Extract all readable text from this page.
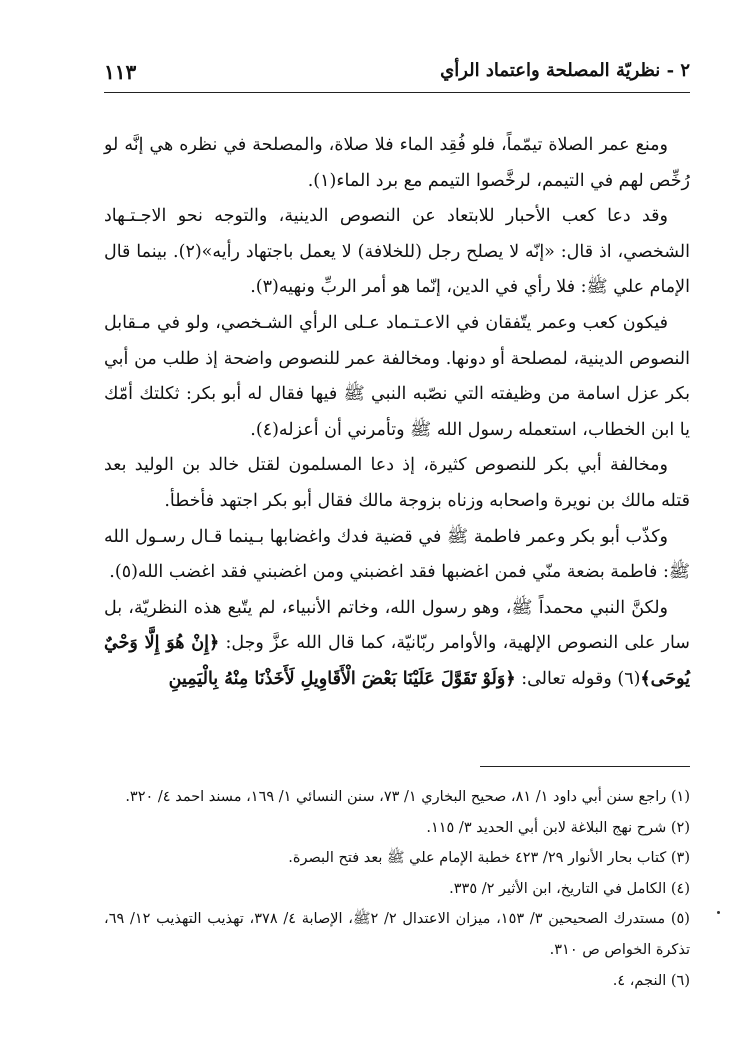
٢ - نظريّة المصلحة واعتماد الرأي
١١٣

ومنع عمر الصلاة تيمّماً، فلو فُقِد الماء فلا صلاة، والمصلحة في نظره هي إنَّه لو رُخِّص لهم في التيمم، لرخَّصوا التيمم مع برد الماء(١).

وقد دعا كعب الأحبار للابتعاد عن النصوص الدينية، والتوجه نحو الاجـتـهاد الشخصي، اذ قال: «إنّه لا يصلح رجل (للخلافة) لا يعمل باجتهاد رأيه»(٢). بينما قال الإمام علي ﷺ: فلا رأي في الدين، إنّما هو أمر الربِّ ونهيه(٣).

فيكون كعب وعمر يتّفقان في الاعـتـماد عـلى الرأي الشـخصي، ولو في مـقابل النصوص الدينية، لمصلحة أو دونها. ومخالفة عمر للنصوص واضحة إذ طلب من أبي بكر عزل اسامة من وظيفته التي نصّبه النبي ﷺ فيها فقال له أبو بكر: ثكلتك أمّك يا ابن الخطاب، استعمله رسول الله ﷺ وتأمرني أن أعزله(٤).

ومخالفة أبي بكر للنصوص كثيرة، إذ دعا المسلمون لقتل خالد بن الوليد بعد قتله مالك بن نويرة واصحابه وزناه بزوجة مالك فقال أبو بكر اجتهد فأخطأ.

وكذّب أبو بكر وعمر فاطمة ﷺ في قضية فدك واغضابها بـينما قـال رسـول الله ﷺ: فاطمة بضعة منّي فمن اغضبها فقد اغضبني ومن اغضبني فقد اغضب الله(٥).

ولكنَّ النبي محمداً ﷺ، وهو رسول الله، وخاتم الأنبياء، لم يتّبع هذه النظريّة، بل سار على النصوص الإلهية، والأوامر ربّانيّة، كما قال الله عزَّ وجل: ﴿إِنْ هُوَ إِلَّا وَحْيٌ يُوحَى﴾(٦) وقوله تعالى: ﴿وَلَوْ تَقَوَّلَ عَلَيْنَا بَعْضَ الْأَقَاوِيلِ لَأَخَذْنَا مِنْهُ بِالْيَمِينِ

(١) راجع سنن أبي داود ١/ ٨١، صحيح البخاري ١/ ٧٣، سنن النسائي ١/ ١٦٩، مسند احمد ٤/ ٣٢٠.
(٢) شرح نهج البلاغة لابن أبي الحديد ٣/ ١١٥.
(٣) كتاب بحار الأنوار ٢٩/ ٤٢٣ خطبة الإمام علي ﷺ بعد فتح البصرة.
(٤) الكامل في التاريخ، ابن الأثير ٢/ ٣٣٥.
(٥) مستدرك الصحيحين ٣/ ١٥٣، ميزان الاعتدال ٢/ ٢ﷺ، الإصابة ٤/ ٣٧٨، تهذيب التهذيب ١٢/ ٦٩، تذكرة الخواص ص ٣١٠.
(٦) النجم، ٤.
